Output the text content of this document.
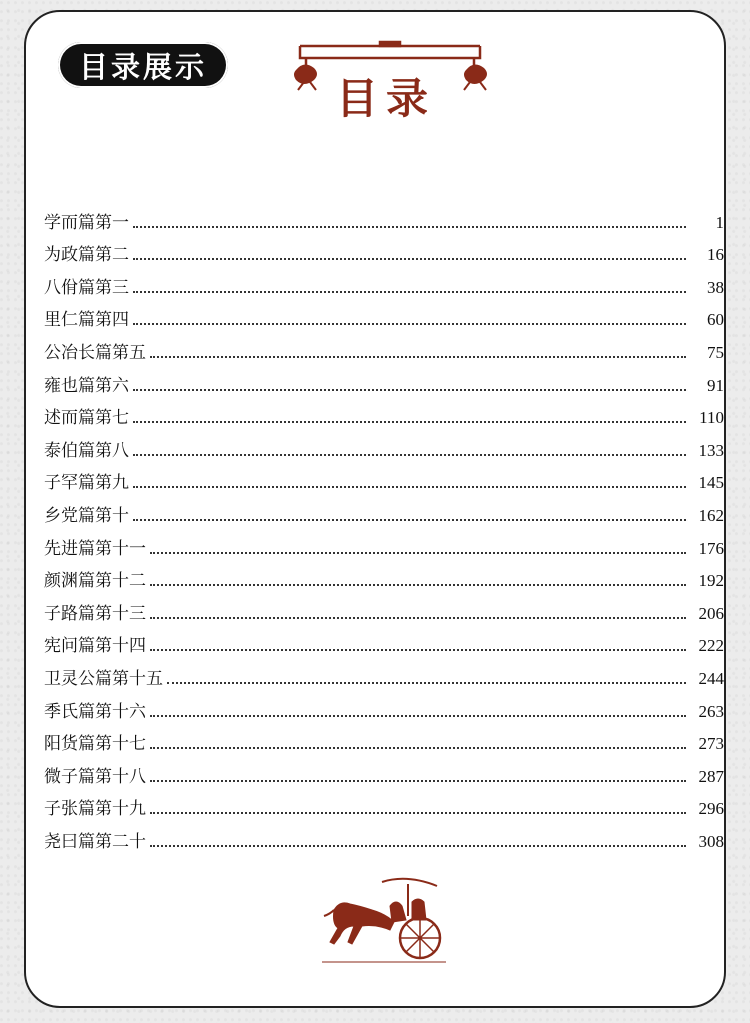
目录展示
目录
学而篇第一	1
为政篇第二	16
八佾篇第三	38
里仁篇第四	60
公冶长篇第五	75
雍也篇第六	91
述而篇第七	110
泰伯篇第八	133
子罕篇第九	145
乡党篇第十	162
先进篇第十一	176
颜渊篇第十二	192
子路篇第十三	206
宪问篇第十四	222
卫灵公篇第十五	244
季氏篇第十六	263
阳货篇第十七	273
微子篇第十八	287
子张篇第十九	296
尧曰篇第二十	308
